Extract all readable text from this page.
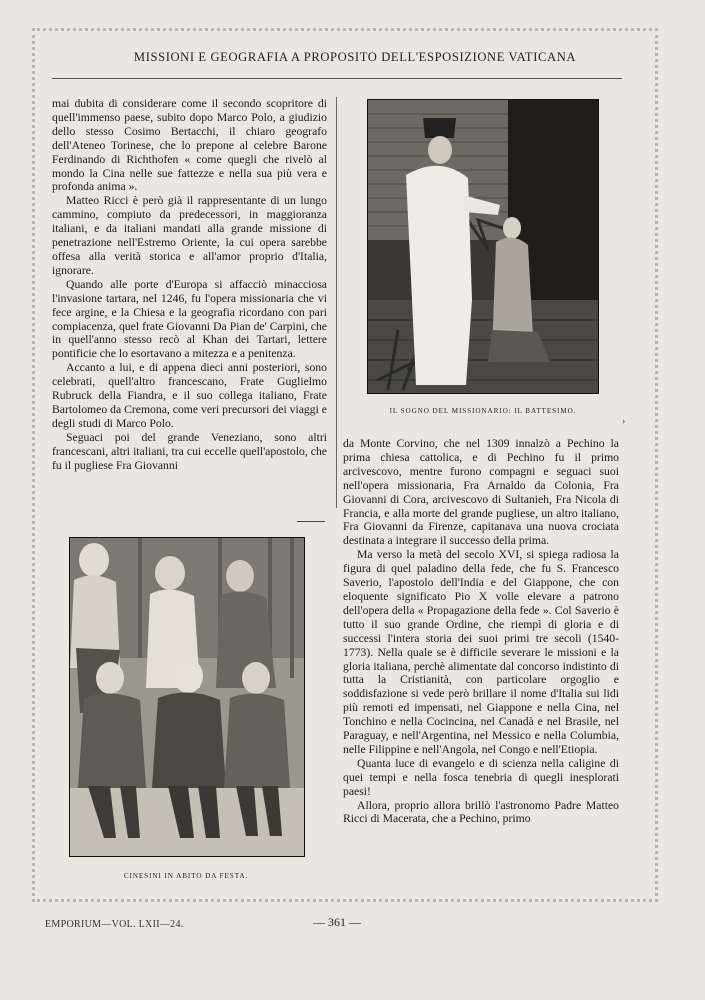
MISSIONI E GEOGRAFIA A PROPOSITO DELL'ESPOSIZIONE VATICANA

mai dubita di considerare come il secondo scopritore di quell'immenso paese, subito dopo Marco Polo, a giudizio dello stesso Cosimo Bertacchi, il chiaro geografo dell'Ateneo Torinese, che lo prepone al celebre Barone Ferdinando di Richthofen « come quegli che rivelò al mondo la Cina nelle sue fattezze e nella sua più vera e profonda anima ».

Matteo Ricci è però già il rappresentante di un lungo cammino, compiuto da predecessori, in maggioranza italiani, e da italiani mandati alla grande missione di penetrazione nell'Estremo Oriente, la cui opera sarebbe offesa alla verità storica e all'amor proprio d'Italia, ignorare.

Quando alle porte d'Europa si affacciò minacciosa l'invasione tartara, nel 1246, fu l'opera missionaria che vi fece argine, e la Chiesa e la geografia ricordano con pari compiacenza, quel frate Giovanni Da Pian de' Carpini, che in quell'anno stesso recò al Khan dei Tartari, lettere pontificie che lo esortavano a mitezza e a penitenza.

Accanto a lui, e di appena dieci anni posteriori, sono celebrati, quell'altro francescano, Frate Guglielmo Rubruck della Fiandra, e il suo collega italiano, Frate Bartolomeo da Cremona, come veri precursori dei viaggi e degli studi di Marco Polo.

Seguaci poi del grande Veneziano, sono altri francescani, altri italiani, tra cui eccelle quell'apostolo, che fu il pugliese Fra Giovanni

IL SOGNO DEL MISSIONARIO: IL BATTESIMO.
›

da Monte Corvino, che nel 1309 innalzò a Pechino la prima chiesa cattolica, e di Pechino fu il primo arcivescovo, mentre furono compagni e seguaci suoi nell'opera missionaria, Fra Arnaldo da Colonia, Fra Giovanni di Cora, arcivescovo di Sultanieh, Fra Nicola di Francia, e alla morte del grande pugliese, un altro italiano, Fra Giovanni da Firenze, capitanava una nuova crociata destinata a integrare il successo della prima.

Ma verso la metà del secolo XVI, si spiega radiosa la figura di quel paladino della fede, che fu S. Francesco Saverio, l'apostolo dell'India e del Giappone, che con eloquente significato Pio X volle elevare a patrono dell'opera della « Propagazione della fede ». Col Saverio è tutto il suo grande Ordine, che riempì di gloria e di successi l'intera storia dei suoi primi tre secoli (1540-1773). Nella quale se è difficile severare le missioni e la gloria italiana, perchè alimentate dal concorso indistinto di tutta la Cristianità, con particolare orgoglio e soddisfazione si vede però brillare il nome d'Italia sui lidi più remoti ed impensati, nel Giappone e nella Cina, nel Tonchino e nella Cocincina, nel Canadà e nel Brasile, nel Paraguay, e nell'Argentina, nel Messico e nella Columbia, nelle Filippine e nell'Angola, nel Congo e nell'Etiopia.

Quanta luce di evangelo e di scienza nella caligine di quei tempi e nella fosca tenebria di quegli inesplorati paesi!

Allora, proprio allora brillò l'astronomo Padre Matteo Ricci di Macerata, che a Pechino, primo

CINESINI IN ABITO DA FESTA.
EMPORIUM—VOL. LXII—24.	— 361 —
